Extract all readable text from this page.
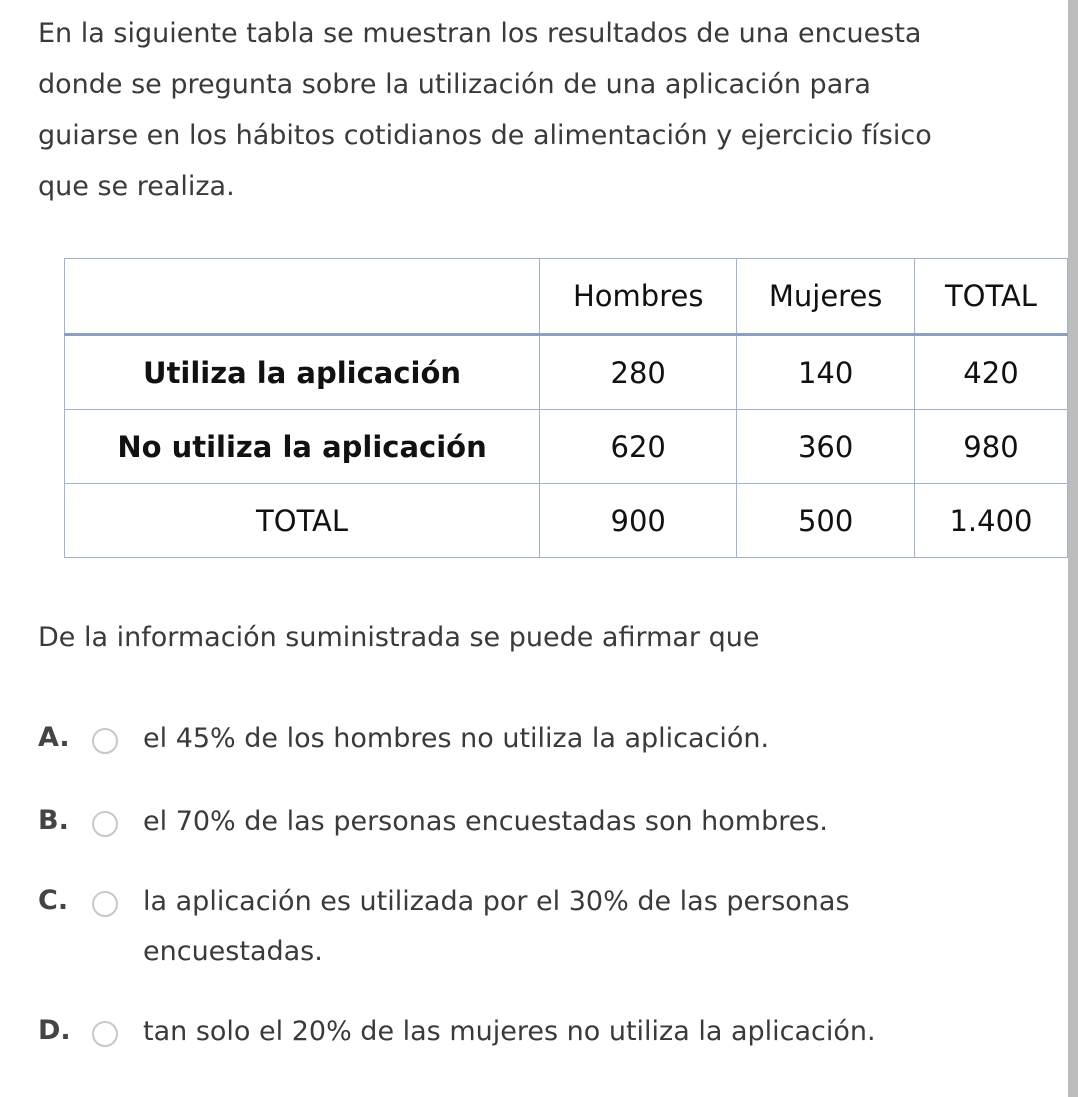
En la siguiente tabla se muestran los resultados de una encuesta
donde se pregunta sobre la utilización de una aplicación para
guiarse en los hábitos cotidianos de alimentación y ejercicio físico
que se realiza.
	Hombres	Mujeres	TOTAL
Utiliza la aplicación	280	140	420
No utiliza la aplicación	620	360	980
TOTAL	900	500	1.400
De la información suministrada se puede afirmar que
A.	el 45% de los hombres no utiliza la aplicación.
B.	el 70% de las personas encuestadas son hombres.
C.	la aplicación es utilizada por el 30% de las personas encuestadas.
D.	tan solo el 20% de las mujeres no utiliza la aplicación.
